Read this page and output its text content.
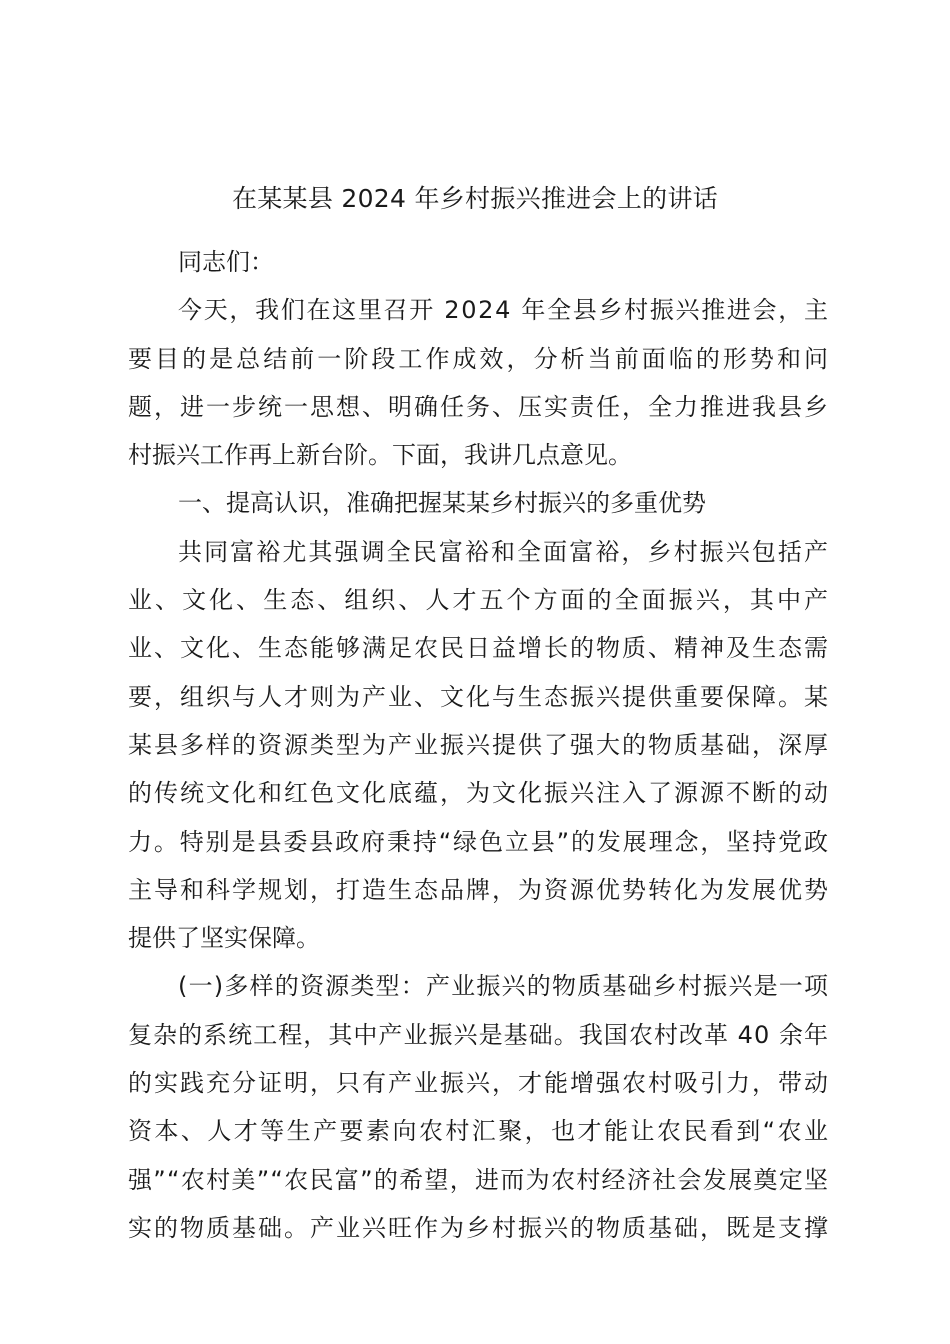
在某某县 2024 年乡村振兴推进会上的讲话
同志们：
今天，我们在这里召开 2024 年全县乡村振兴推进会，主
要目的是总结前一阶段工作成效，分析当前面临的形势和问
题，进一步统一思想、明确任务、压实责任，全力推进我县乡
村振兴工作再上新台阶。下面，我讲几点意见。
一、提高认识，准确把握某某乡村振兴的多重优势
共同富裕尤其强调全民富裕和全面富裕，乡村振兴包括产
业、文化、生态、组织、人才五个方面的全面振兴，其中产
业、文化、生态能够满足农民日益增长的物质、精神及生态需
要，组织与人才则为产业、文化与生态振兴提供重要保障。某
某县多样的资源类型为产业振兴提供了强大的物质基础，深厚
的传统文化和红色文化底蕴，为文化振兴注入了源源不断的动
力。特别是县委县政府秉持“绿色立县”的发展理念，坚持党政
主导和科学规划，打造生态品牌，为资源优势转化为发展优势
提供了坚实保障。
(一)多样的资源类型：产业振兴的物质基础乡村振兴是一项
复杂的系统工程，其中产业振兴是基础。我国农村改革 40 余年
的实践充分证明，只有产业振兴，才能增强农村吸引力，带动
资本、人才等生产要素向农村汇聚，也才能让农民看到“农业
强”“农村美”“农民富”的希望，进而为农村经济社会发展奠定坚
实的物质基础。产业兴旺作为乡村振兴的物质基础，既是支撑
